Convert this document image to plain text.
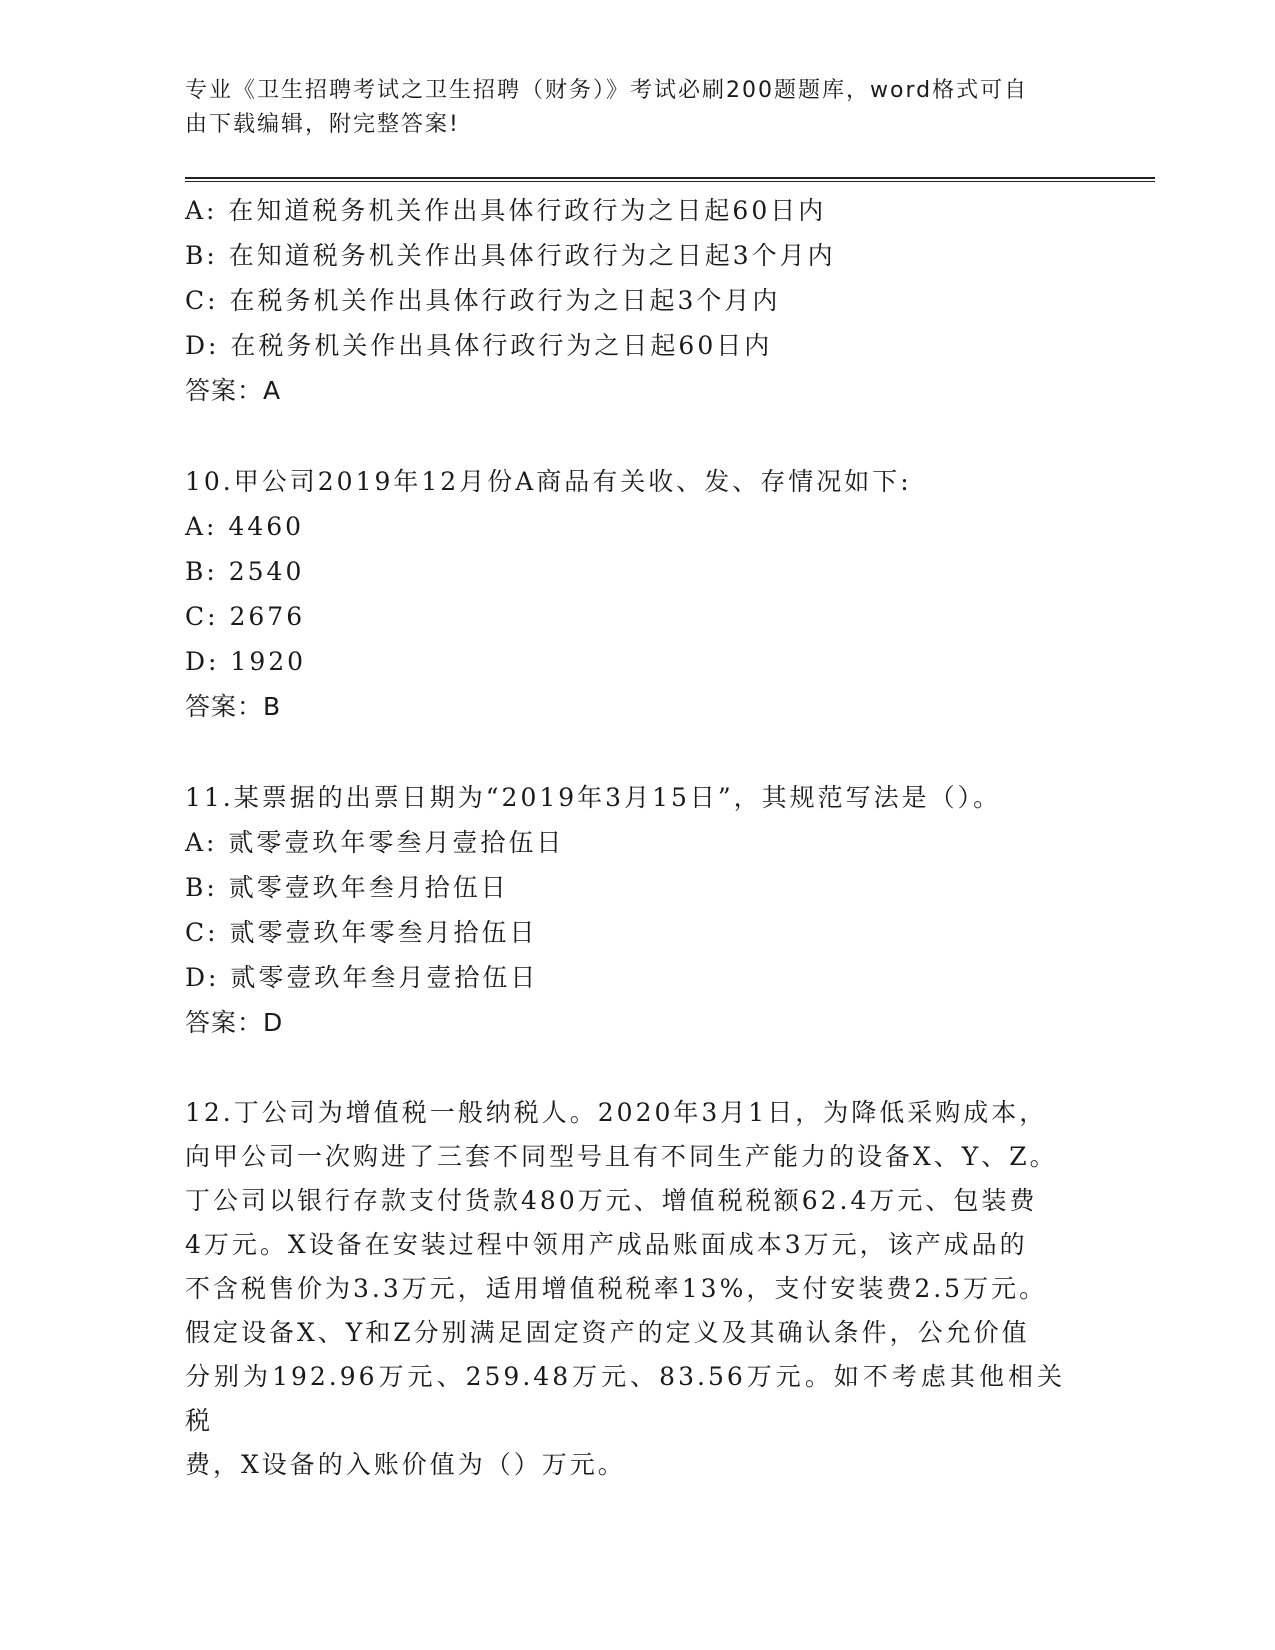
专业《卫生招聘考试之卫生招聘（财务）》考试必刷200题题库，word格式可自
由下载编辑，附完整答案!
A: 在知道税务机关作出具体行政行为之日起60日内
B: 在知道税务机关作出具体行政行为之日起3个月内
C: 在税务机关作出具体行政行为之日起3个月内
D: 在税务机关作出具体行政行为之日起60日内
答案：A
10.甲公司2019年12月份A商品有关收、发、存情况如下:
A: 4460
B: 2540
C: 2676
D: 1920
答案：B
11.某票据的出票日期为“2019年3月15日”，其规范写法是（）。
A: 贰零壹玖年零叁月壹拾伍日
B: 贰零壹玖年叁月拾伍日
C: 贰零壹玖年零叁月拾伍日
D: 贰零壹玖年叁月壹拾伍日
答案：D
12.丁公司为增值税一般纳税人。2020年3月1日，为降低采购成本，
向甲公司一次购进了三套不同型号且有不同生产能力的设备X、Y、Z。
丁公司以银行存款支付货款480万元、增值税税额62.4万元、包装费
4万元。X设备在安装过程中领用产成品账面成本3万元，该产成品的
不含税售价为3.3万元，适用增值税税率13%，支付安装费2.5万元。
假定设备X、Y和Z分别满足固定资产的定义及其确认条件，公允价值
分别为192.96万元、259.48万元、83.56万元。如不考虑其他相关税
费，X设备的入账价值为（）万元。
